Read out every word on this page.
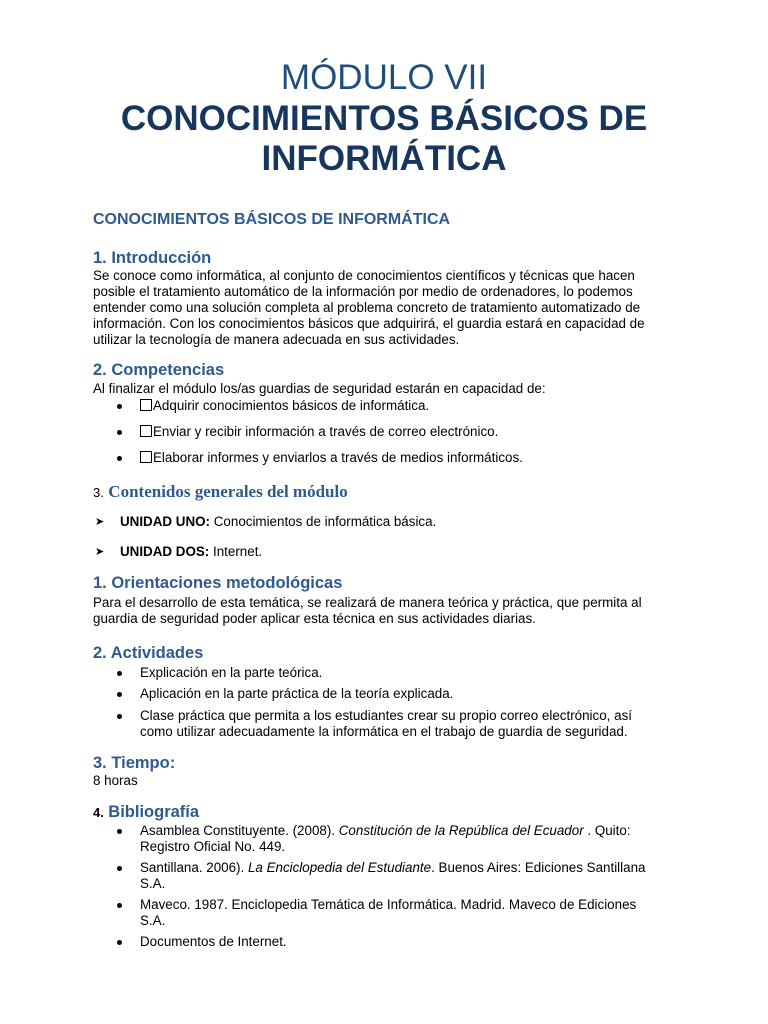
MÓDULO VII
CONOCIMIENTOS BÁSICOS DE INFORMÁTICA
CONOCIMIENTOS BÁSICOS DE INFORMÁTICA
1. Introducción
Se conoce como informática, al conjunto de conocimientos científicos y técnicas que hacen
posible el tratamiento automático de la información por medio de ordenadores, lo podemos
entender como una solución completa al problema concreto de tratamiento automatizado de
información. Con los conocimientos básicos que adquirirá, el guardia estará en capacidad de
utilizar la tecnología de manera adecuada en sus actividades.
2. Competencias
Al finalizar el módulo los/as guardias de seguridad estarán en capacidad de:
Adquirir conocimientos básicos de informática.
Enviar y recibir información a través de correo electrónico.
Elaborar informes y enviarlos a través de medios informáticos.
3. Contenidos generales del módulo
➤ UNIDAD UNO: Conocimientos de informática básica.
➤ UNIDAD DOS: Internet.
1. Orientaciones metodológicas
Para el desarrollo de esta temática, se realizará de manera teórica y práctica, que permita al
guardia de seguridad poder aplicar esta técnica en sus actividades diarias.
2. Actividades
Explicación en la parte teórica.
Aplicación en la parte práctica de la teoría explicada.
Clase práctica que permita a los estudiantes crear su propio correo electrónico, así
como utilizar adecuadamente la informática en el trabajo de guardia de seguridad.
3. Tiempo:
8 horas
4. Bibliografía
Asamblea Constituyente. (2008). Constitución de la República del Ecuador . Quito:
Registro Oficial No. 449.
Santillana. 2006). La Enciclopedia del Estudiante. Buenos Aires: Ediciones Santillana
S.A.
Maveco. 1987. Enciclopedia Temática de Informática. Madrid. Maveco de Ediciones
S.A.
Documentos de Internet.
